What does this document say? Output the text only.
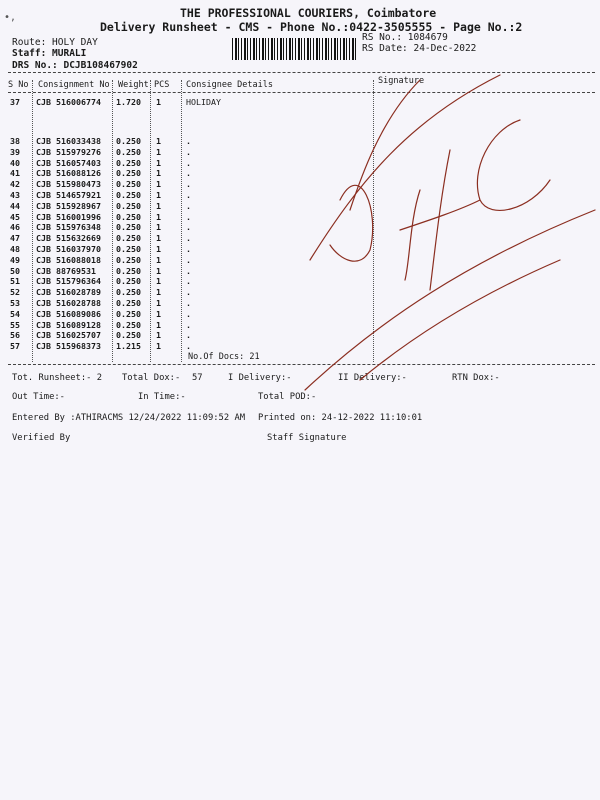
•,	THE PROFESSIONAL COURIERS, Coimbatore
Delivery Runsheet - CMS - Phone No.:0422-3505555 - Page No.:2
Route: HOLY DAY
Staff: MURALI
DRS No.: DCJB108467902
RS No.: 1084679
RS Date: 24-Dec-2022
S No Consignment No Weight PCS Consignee Details	Signature
37 CJB 516006774 1.720 1	HOLIDAY
38 CJB 516033438 0.250 1	.
39 CJB 515979276 0.250 1	.
40 CJB 516057403 0.250 1	.
41 CJB 516088126 0.250 1	.
42 CJB 515980473 0.250 1	.
43 CJB 514657921 0.250 1	.
44 CJB 515928967 0.250 1	.
45 CJB 516001996 0.250 1	.
46 CJB 515976348 0.250 1	.
47 CJB 515632669 0.250 1	.
48 CJB 516037970 0.250 1	.
49 CJB 516088018 0.250 1	.
50 CJB 88769531 0.250 1	.
51 CJB 515796364 0.250 1	.
52 CJB 516028789 0.250 1	.
53 CJB 516028788 0.250 1	.
54 CJB 516089086 0.250 1	.
55 CJB 516089128 0.250 1	.
56 CJB 516025707 0.250 1	.
57 CJB 515968373 1.215 1	.
No.Of Docs: 21
Tot. Runsheet:- 2 Total Dox:- 57	I Delivery:-	II Delivery:-	RTN Dox:-
Out Time:-	In Time:-	Total POD:-
Entered By :ATHIRACMS 12/24/2022 11:09:52 AM Printed on: 24-12-2022 11:10:01
Verified By	Staff Signature
